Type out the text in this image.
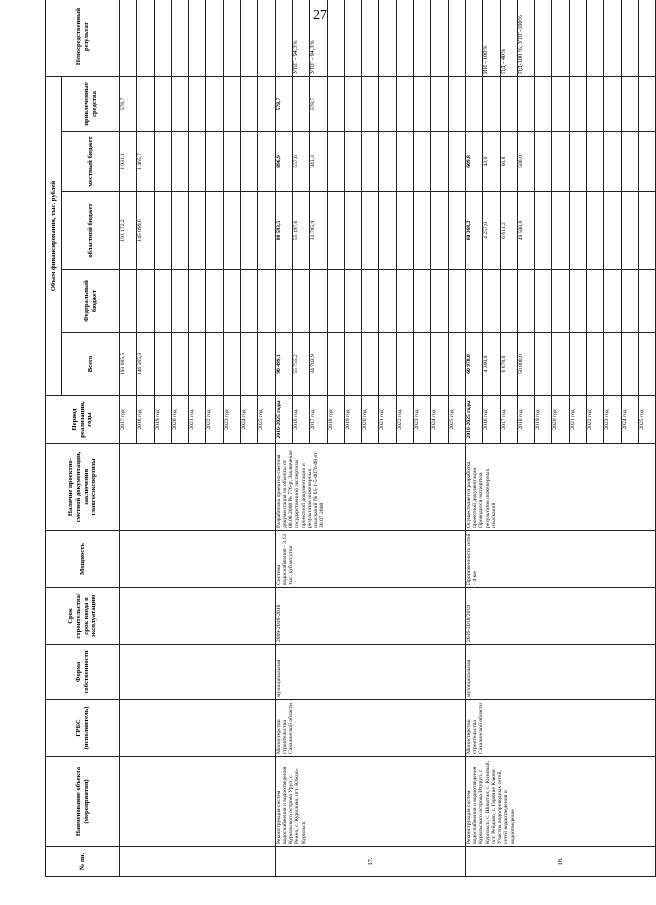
27
№ пп.	Наименование объекта (мероприятия)	ГРБС (исполнитель)	Форма собственности	Срок строительства/ срок ввода в эксплуатацию	Мощность	Наличие проектно-сметной документации, заключения главгосэкспертизы	Период реализации, годы	Объем финансирования, тыс. рублей					Непосредственный результат
								Всего	Федеральный бюджет	областной бюджет	местный бюджет	привлеченные средства	
							2017 год	193 685,5		191 172,2	1 931,1	578,7	
							2018 год	146 565,3		145 099,6	1 465,7		
							2019 год						
							2020 год						
							2021 год						
							2022 год						
							2023 год						
							2024 год						
							2025 год						
17.	Реконструкция систем водоснабжения и водоотведения Курильского острова Уруп, с. Реино, с. Курилово, пгт. Южно-Курильск	Министерство строительства Сахалинской области	муниципальная	2009-2016-2018	Система водоснабжения - 3,13 тыс. куб.м/сутки	Разработана проектно-сметная документация на объекты от 08.08.2008 № 776-р; Заключение государственной экспертизы проектной документации и результатов инженерных изысканий № 65-1-5-0076-08 от 30.07.2008	2016-2025 годы	90 499,1		88 593,5	896,9	578,7	
							2016 год	55 755,2		55 197,6	557,6		УПГ - 94,3%
							2017 год	34 703,9		33 785,9	341,3	578,7	УПГ - 94,3%
							2018 год						
							2019 год						
							2020 год						
							2021 год						
							2022 год						
							2023 год						
							2024 год						
							2025 год						
18.	Реконструкция систем водоснабжения и водоотведения Курильского острова Итуруп, г. Курильск, с. Шикотан, с. Китовый, пгт. Рейдово, с. Горячие Ключи. Участок водопроводных сетей, сетей водоотведения и водоотведение	Министерство строительства Сахалинской области	муниципальная	2016-2018/2019	Протяженность сетей - 4 км	Осуществляется разработка проектной документации. Проводится экспертиза результатов инженерных изысканий	2016-2025 годы	60 978,0		60 368,2	609,8		
							2016 год	4 300,0		4 257,0	43,0		ИИ - 100%
							2017 год	6 678,0		6 611,2	66,8		ПД - 40%
							2018 год	50 000,0		49 500,0	500,0		ПД-100 %, УПГ-100%
							2019 год						
							2020 год						
							2021 год						
							2022 год						
							2023 год						
							2024 год						
							2025 год						
